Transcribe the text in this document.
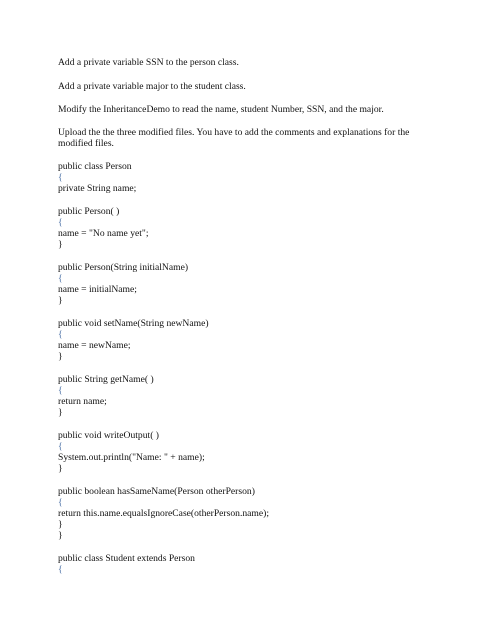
Add a private variable SSN to the person class.
Add a private variable major to the student class.
Modify the InheritanceDemo to read the name, student Number, SSN, and the major.
Upload the the three modified files. You have to add the comments and explanations for the modified files.
public class Person
{
private String name;
public Person( )
{
name = "No name yet";
}
public Person(String initialName)
{
name = initialName;
}
public void setName(String newName)
{
name = newName;
}
public String getName( )
{
return name;
}
public void writeOutput( )
{
System.out.println("Name: " + name);
}
public boolean hasSameName(Person otherPerson)
{
return this.name.equalsIgnoreCase(otherPerson.name);
}
}
public class Student extends Person
{
